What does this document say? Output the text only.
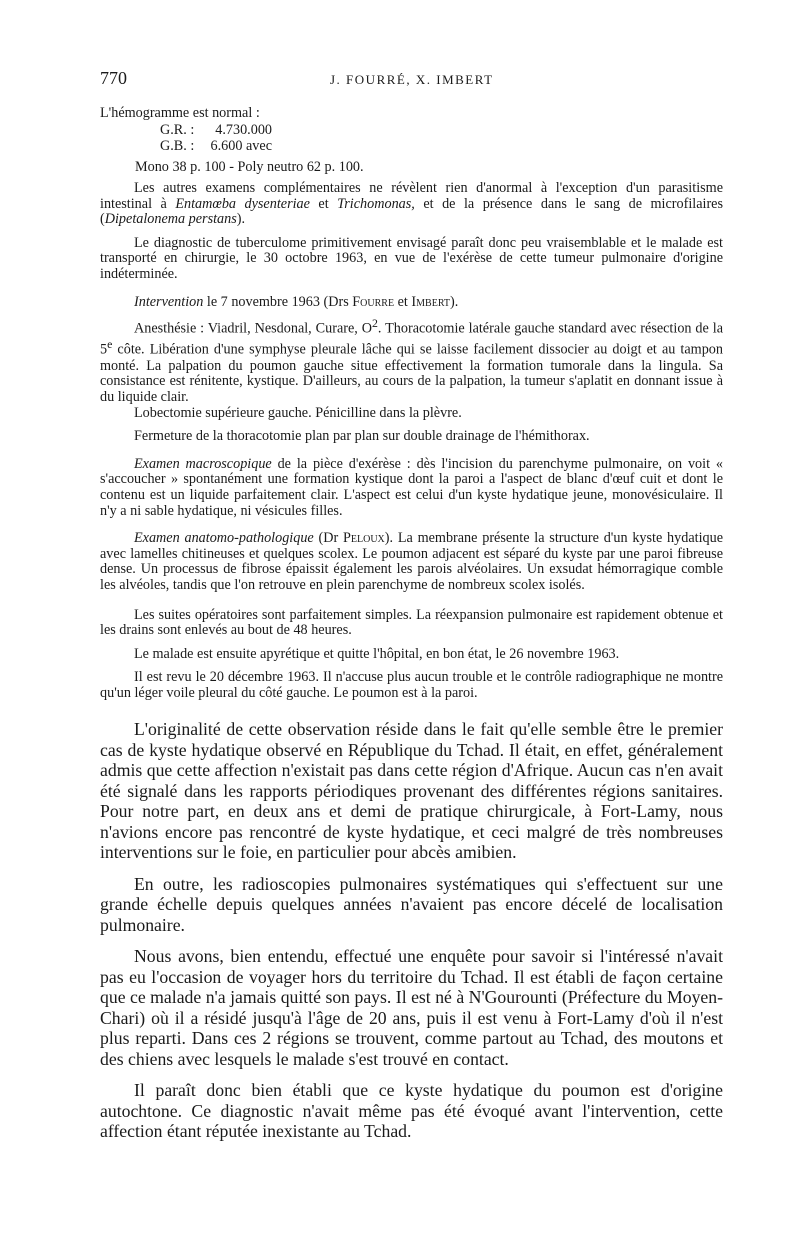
770	J. FOURRÉ, X. IMBERT
L'hémogramme est normal :
G.R. :	4.730.000
G.B. :	6.600 avec
Mono 38 p. 100 - Poly neutro 62 p. 100.

Les autres examens complémentaires ne révèlent rien d'anormal à l'exception d'un parasitisme intestinal à Entamœba dysenteriae et Trichomonas, et de la présence dans le sang de microfilaires (Dipetalonema perstans).

Le diagnostic de tuberculome primitivement envisagé paraît donc peu vraisemblable et le malade est transporté en chirurgie, le 30 octobre 1963, en vue de l'exérèse de cette tumeur pulmonaire d'origine indéterminée.

Intervention le 7 novembre 1963 (Drs Fourre et Imbert).

Anesthésie : Viadril, Nesdonal, Curare, $O^2$. Thoracotomie latérale gauche standard avec résection de la 5e côte. Libération d'une symphyse pleurale lâche qui se laisse facilement dissocier au doigt et au tampon monté. La palpation du poumon gauche situe effectivement la formation tumorale dans la lingula. Sa consistance est rénitente, kystique. D'ailleurs, au cours de la palpation, la tumeur s'aplatit en donnant issue à du liquide clair.

Lobectomie supérieure gauche. Pénicilline dans la plèvre.

Fermeture de la thoracotomie plan par plan sur double drainage de l'hémithorax.

Examen macroscopique de la pièce d'exérèse : dès l'incision du parenchyme pulmonaire, on voit « s'accoucher » spontanément une formation kystique dont la paroi a l'aspect de blanc d'œuf cuit et dont le contenu est un liquide parfaitement clair. L'aspect est celui d'un kyste hydatique jeune, monovésiculaire. Il n'y a ni sable hydatique, ni vésicules filles.

Examen anatomo-pathologique (Dr Peloux). La membrane présente la structure d'un kyste hydatique avec lamelles chitineuses et quelques scolex. Le poumon adjacent est séparé du kyste par une paroi fibreuse dense. Un processus de fibrose épaissit également les parois alvéolaires. Un exsudat hémorragique comble les alvéoles, tandis que l'on retrouve en plein parenchyme de nombreux scolex isolés.

Les suites opératoires sont parfaitement simples. La réexpansion pulmonaire est rapidement obtenue et les drains sont enlevés au bout de 48 heures.

Le malade est ensuite apyrétique et quitte l'hôpital, en bon état, le 26 novembre 1963.

Il est revu le 20 décembre 1963. Il n'accuse plus aucun trouble et le contrôle radiographique ne montre qu'un léger voile pleural du côté gauche. Le poumon est à la paroi.

L'originalité de cette observation réside dans le fait qu'elle semble être le premier cas de kyste hydatique observé en République du Tchad. Il était, en effet, généralement admis que cette affection n'existait pas dans cette région d'Afrique. Aucun cas n'en avait été signalé dans les rapports périodiques provenant des différentes régions sanitaires. Pour notre part, en deux ans et demi de pratique chirurgicale, à Fort-Lamy, nous n'avions encore pas rencontré de kyste hydatique, et ceci malgré de très nombreuses interventions sur le foie, en particulier pour abcès amibien.

En outre, les radioscopies pulmonaires systématiques qui s'effectuent sur une grande échelle depuis quelques années n'avaient pas encore décelé de localisation pulmonaire.

Nous avons, bien entendu, effectué une enquête pour savoir si l'intéressé n'avait pas eu l'occasion de voyager hors du territoire du Tchad. Il est établi de façon certaine que ce malade n'a jamais quitté son pays. Il est né à N'Gourounti (Préfecture du Moyen-Chari) où il a résidé jusqu'à l'âge de 20 ans, puis il est venu à Fort-Lamy d'où il n'est plus reparti. Dans ces 2 régions se trouvent, comme partout au Tchad, des moutons et des chiens avec lesquels le malade s'est trouvé en contact.

Il paraît donc bien établi que ce kyste hydatique du poumon est d'origine autochtone. Ce diagnostic n'avait même pas été évoqué avant l'intervention, cette affection étant réputée inexistante au Tchad.
